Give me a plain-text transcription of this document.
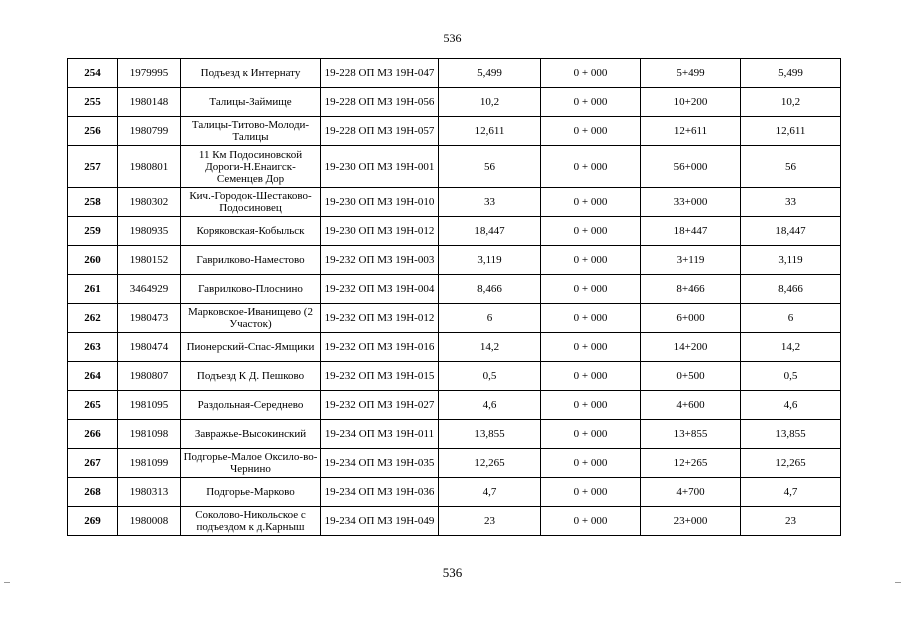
536
254	1979995	Подъезд к Интернату	19-228 ОП МЗ 19Н-047	5,499	0 + 000	5+499	5,499
255	1980148	Талицы-Займище	19-228 ОП МЗ 19Н-056	10,2	0 + 000	10+200	10,2
256	1980799	Талицы-Титово-Молоди-Талицы	19-228 ОП МЗ 19Н-057	12,611	0 + 000	12+611	12,611
257	1980801	11 Км Подосиновской Дороги-Н.Енаигск-Семенцев Дор	19-230 ОП МЗ 19Н-001	56	0 + 000	56+000	56
258	1980302	Кич.-Городок-Шестаково-Подосиновец	19-230 ОП МЗ 19Н-010	33	0 + 000	33+000	33
259	1980935	Коряковская-Кобыльск	19-230 ОП МЗ 19Н-012	18,447	0 + 000	18+447	18,447
260	1980152	Гаврилково-Наместово	19-232 ОП МЗ 19Н-003	3,119	0 + 000	3+119	3,119
261	3464929	Гаврилково-Плоснино	19-232 ОП МЗ 19Н-004	8,466	0 + 000	8+466	8,466
262	1980473	Марковское-Иванищево (2 Участок)	19-232 ОП МЗ 19Н-012	6	0 + 000	6+000	6
263	1980474	Пионерский-Спас-Ямщики	19-232 ОП МЗ 19Н-016	14,2	0 + 000	14+200	14,2
264	1980807	Подъезд К Д. Пешково	19-232 ОП МЗ 19Н-015	0,5	0 + 000	0+500	0,5
265	1981095	Раздольная-Середнево	19-232 ОП МЗ 19Н-027	4,6	0 + 000	4+600	4,6
266	1981098	Завражье-Высокинский	19-234 ОП МЗ 19Н-011	13,855	0 + 000	13+855	13,855
267	1981099	Подгорье-Малое Оксило-во-Чернино	19-234 ОП МЗ 19Н-035	12,265	0 + 000	12+265	12,265
268	1980313	Подгорье-Марково	19-234 ОП МЗ 19Н-036	4,7	0 + 000	4+700	4,7
269	1980008	Соколово-Никольское с подъездом к д.Карныш	19-234 ОП МЗ 19Н-049	23	0 + 000	23+000	23
536
